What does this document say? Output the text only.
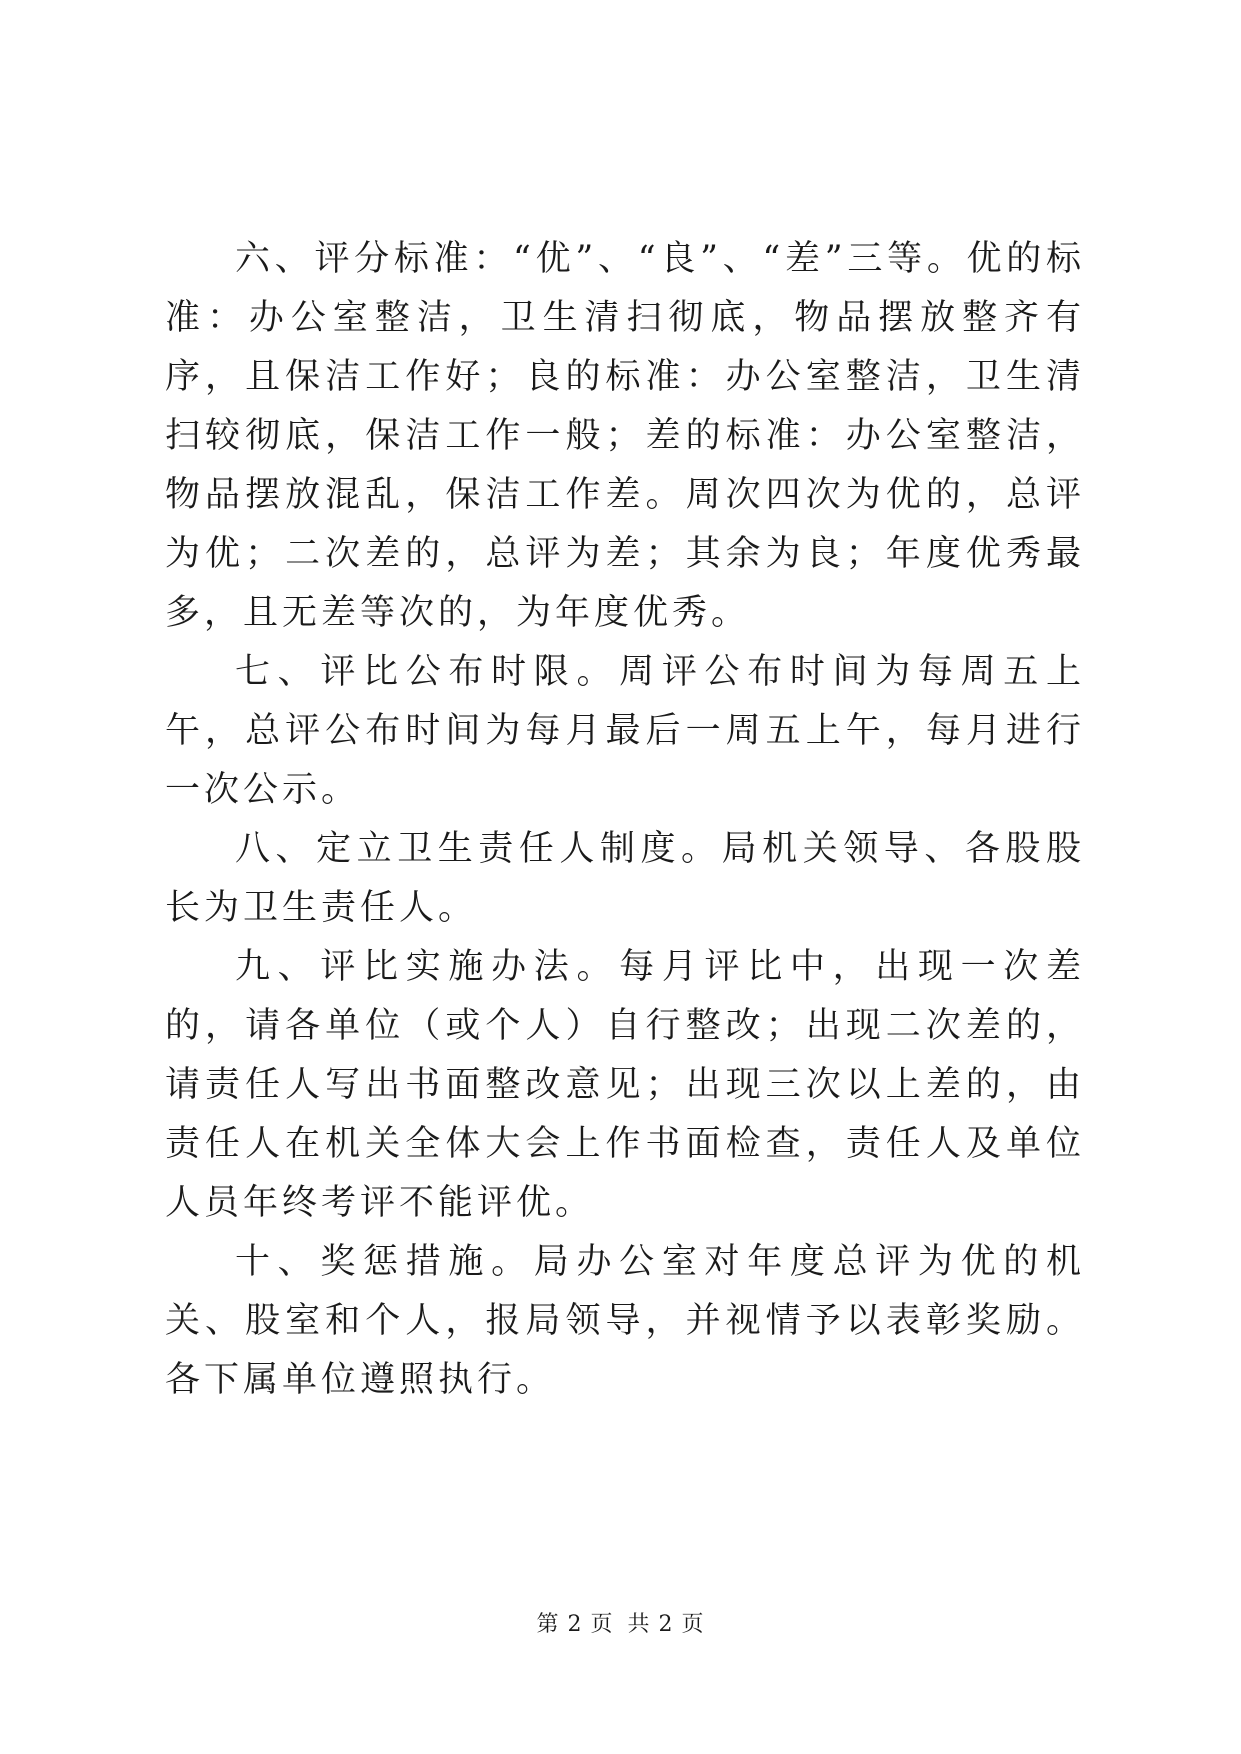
六、评分标准：“优”、“良”、“差”三等。优的标准：办公室整洁，卫生清扫彻底，物品摆放整齐有序，且保洁工作好；良的标准：办公室整洁，卫生清扫较彻底，保洁工作一般；差的标准：办公室整洁，物品摆放混乱，保洁工作差。周次四次为优的，总评为优；二次差的，总评为差；其余为良；年度优秀最多，且无差等次的，为年度优秀。

七、评比公布时限。周评公布时间为每周五上午，总评公布时间为每月最后一周五上午，每月进行一次公示。

八、定立卫生责任人制度。局机关领导、各股股长为卫生责任人。

九、评比实施办法。每月评比中，出现一次差的，请各单位（或个人）自行整改；出现二次差的，请责任人写出书面整改意见；出现三次以上差的，由责任人在机关全体大会上作书面检查，责任人及单位人员年终考评不能评优。

十、奖惩措施。局办公室对年度总评为优的机关、股室和个人，报局领导，并视情予以表彰奖励。各下属单位遵照执行。

第 2 页 共 2 页
